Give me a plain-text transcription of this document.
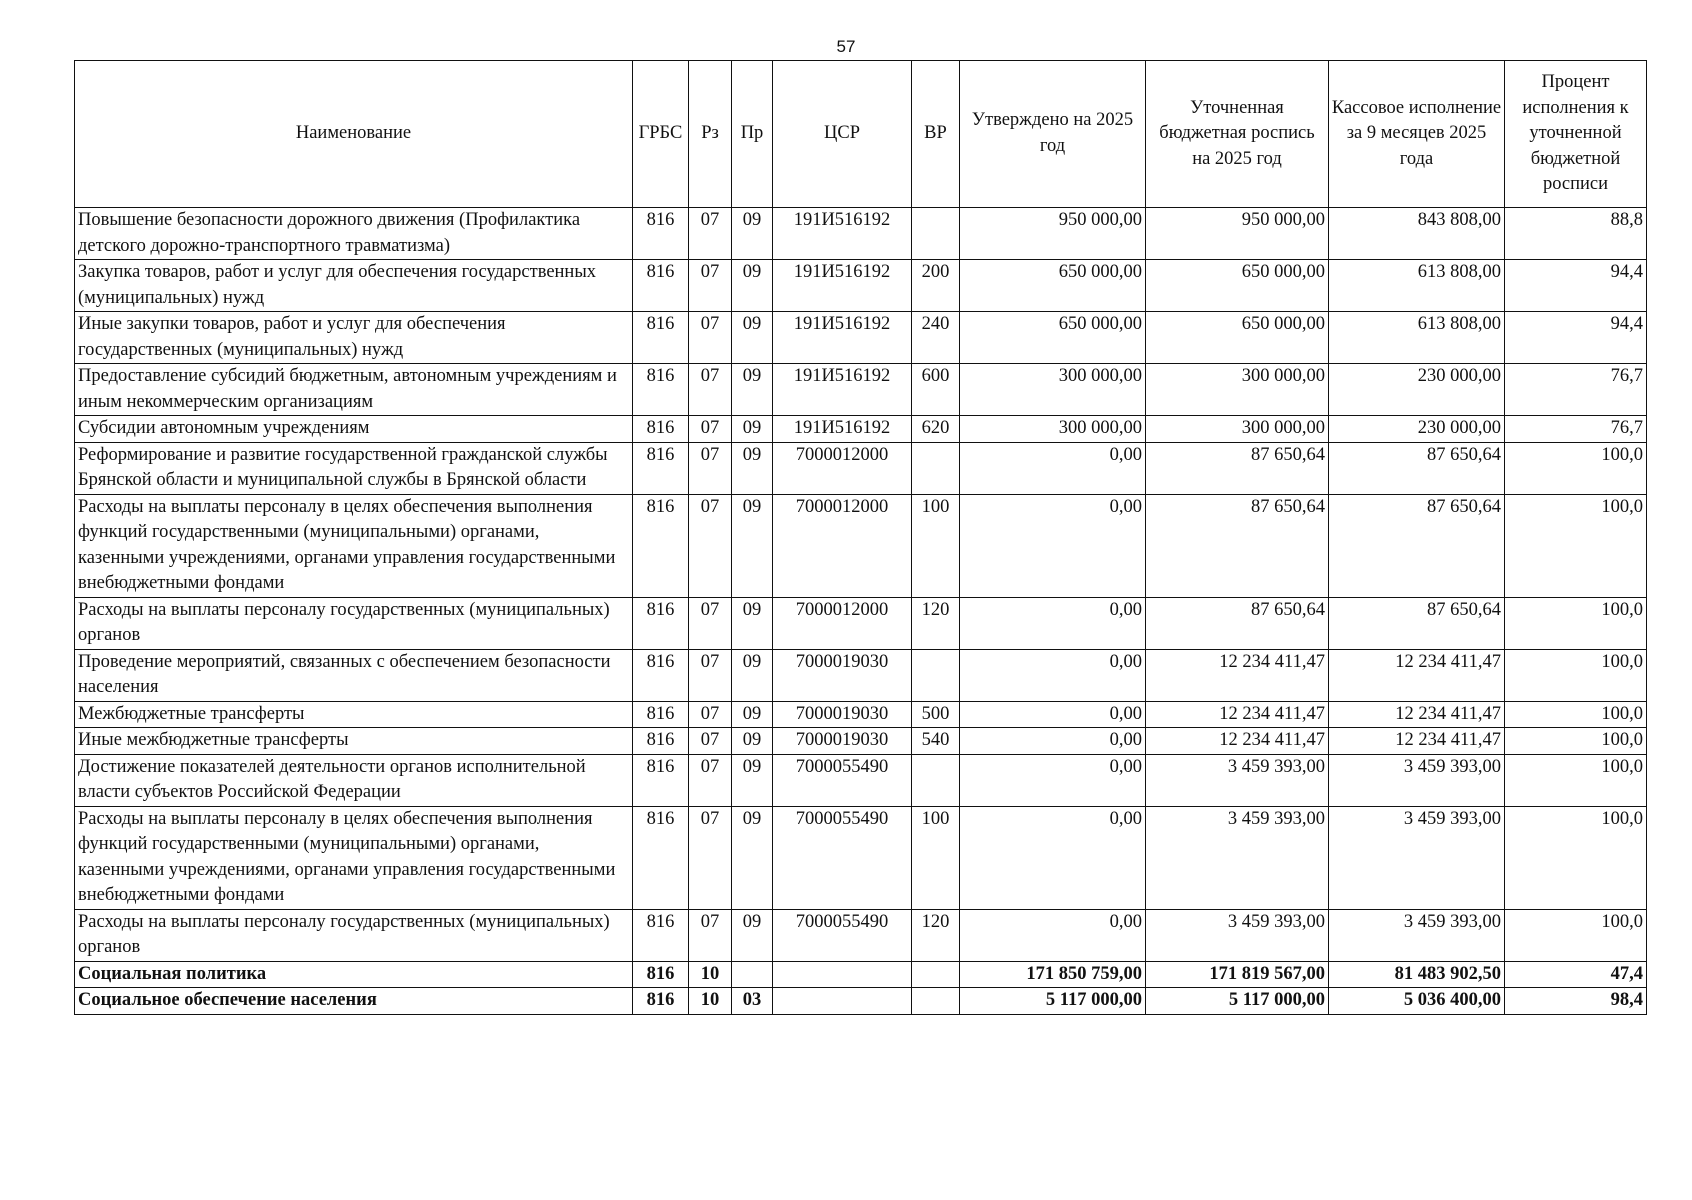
57
Наименование	ГРБС	Рз	Пр	ЦСР	ВР	Утверждено на 2025 год	Уточненная бюджетная роспись на 2025 год	Кассовое исполнение за 9 месяцев 2025 года	Процент исполнения к уточненной бюджетной росписи
Повышение безопасности дорожного движения (Профилактика детского дорожно-транспортного травматизма)	816	07	09	191И516192		950 000,00	950 000,00	843 808,00	88,8
Закупка товаров, работ и услуг для обеспечения государственных (муниципальных) нужд	816	07	09	191И516192	200	650 000,00	650 000,00	613 808,00	94,4
Иные закупки товаров, работ и услуг для обеспечения государственных (муниципальных) нужд	816	07	09	191И516192	240	650 000,00	650 000,00	613 808,00	94,4
Предоставление субсидий бюджетным, автономным учреждениям и иным некоммерческим организациям	816	07	09	191И516192	600	300 000,00	300 000,00	230 000,00	76,7
Субсидии автономным учреждениям	816	07	09	191И516192	620	300 000,00	300 000,00	230 000,00	76,7
Реформирование и развитие государственной гражданской службы Брянской области и муниципальной службы в Брянской области	816	07	09	7000012000		0,00	87 650,64	87 650,64	100,0
Расходы на выплаты персоналу в целях обеспечения выполнения функций государственными (муниципальными) органами, казенными учреждениями, органами управления государственными внебюджетными фондами	816	07	09	7000012000	100	0,00	87 650,64	87 650,64	100,0
Расходы на выплаты персоналу государственных (муниципальных) органов	816	07	09	7000012000	120	0,00	87 650,64	87 650,64	100,0
Проведение мероприятий, связанных с обеспечением безопасности населения	816	07	09	7000019030		0,00	12 234 411,47	12 234 411,47	100,0
Межбюджетные трансферты	816	07	09	7000019030	500	0,00	12 234 411,47	12 234 411,47	100,0
Иные межбюджетные трансферты	816	07	09	7000019030	540	0,00	12 234 411,47	12 234 411,47	100,0
Достижение показателей деятельности органов исполнительной власти субъектов Российской Федерации	816	07	09	7000055490		0,00	3 459 393,00	3 459 393,00	100,0
Расходы на выплаты персоналу в целях обеспечения выполнения функций государственными (муниципальными) органами, казенными учреждениями, органами управления государственными внебюджетными фондами	816	07	09	7000055490	100	0,00	3 459 393,00	3 459 393,00	100,0
Расходы на выплаты персоналу государственных (муниципальных) органов	816	07	09	7000055490	120	0,00	3 459 393,00	3 459 393,00	100,0
Социальная политика	816	10				171 850 759,00	171 819 567,00	81 483 902,50	47,4
Социальное обеспечение населения	816	10	03			5 117 000,00	5 117 000,00	5 036 400,00	98,4
